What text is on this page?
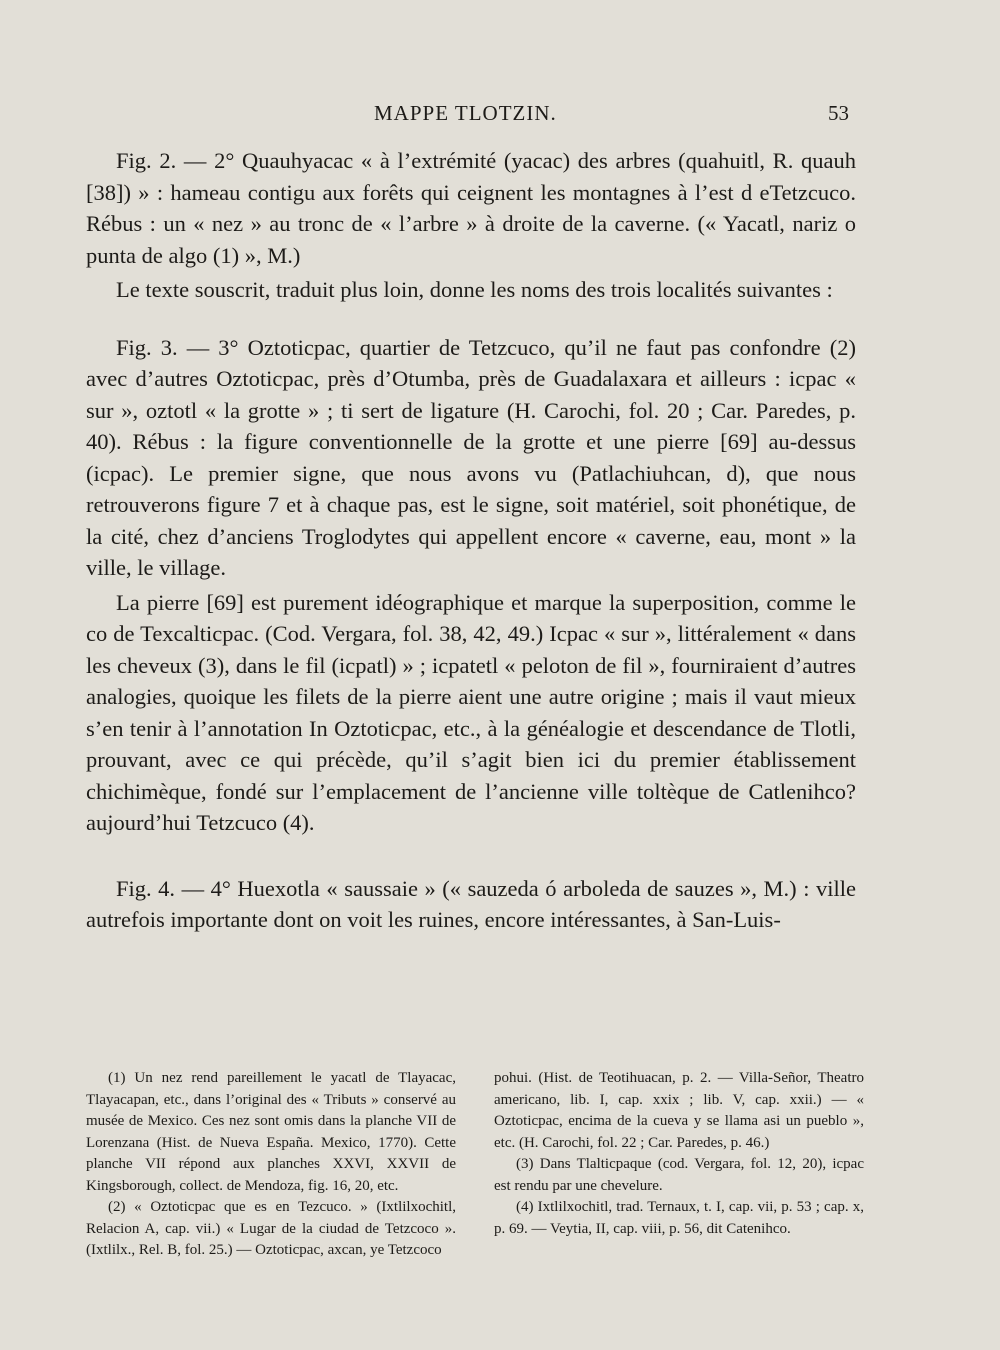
MAPPE TLOTZIN.	53

Fig. 2. — 2° Quauhyacac « à l’extrémité (yacac) des arbres (quahuitl, R. quauh [38]) » : hameau contigu aux forêts qui ceignent les montagnes à l’est d eTetzcuco. Rébus : un « nez » au tronc de « l’arbre » à droite de la caverne. (« Yacatl, nariz o punta de algo (1) », M.)

Le texte souscrit, traduit plus loin, donne les noms des trois localités suivantes :

Fig. 3. — 3° Oztoticpac, quartier de Tetzcuco, qu’il ne faut pas confondre (2) avec d’autres Oztoticpac, près d’Otumba, près de Guadalaxara et ailleurs : icpac « sur », oztotl « la grotte » ; ti sert de ligature (H. Carochi, fol. 20 ; Car. Paredes, p. 40). Rébus : la figure conventionnelle de la grotte et une pierre [69] au-dessus (icpac). Le premier signe, que nous avons vu (Patlachiuhcan, d), que nous retrouverons figure 7 et à chaque pas, est le signe, soit matériel, soit phonétique, de la cité, chez d’anciens Troglodytes qui appellent encore « caverne, eau, mont » la ville, le village.

La pierre [69] est purement idéographique et marque la superposition, comme le co de Texcalticpac. (Cod. Vergara, fol. 38, 42, 49.) Icpac « sur », littéralement « dans les cheveux (3), dans le fil (icpatl) » ; icpatetl « peloton de fil », fourniraient d’autres analogies, quoique les filets de la pierre aient une autre origine ; mais il vaut mieux s’en tenir à l’annotation In Oztoticpac, etc., à la généalogie et descendance de Tlotli, prouvant, avec ce qui précède, qu’il s’agit bien ici du premier établissement chichimèque, fondé sur l’emplacement de l’ancienne ville toltèque de Catlenihco? aujourd’hui Tetzcuco (4).

Fig. 4. — 4° Huexotla « saussaie » (« sauzeda ó arboleda de sauzes », M.) : ville autrefois importante dont on voit les ruines, encore intéressantes, à San-Luis-

(1) Un nez rend pareillement le yacatl de Tlayacac, Tlayacapan, etc., dans l’original des « Tributs » conservé au musée de Mexico. Ces nez sont omis dans la planche VII de Lorenzana (Hist. de Nueva España. Mexico, 1770). Cette planche VII répond aux planches XXVI, XXVII de Kingsborough, collect. de Mendoza, fig. 16, 20, etc.

(2) « Oztoticpac que es en Tezcuco. » (Ixtlilxochitl, Relacion A, cap. vii.) « Lugar de la ciudad de Tetzcoco ». (Ixtlilx., Rel. B, fol. 25.) — Oztoticpac, axcan, ye Tetzcoco

pohui. (Hist. de Teotihuacan, p. 2. — Villa-Señor, Theatro americano, lib. I, cap. xxix ; lib. V, cap. xxii.) — « Oztoticpac, encima de la cueva y se llama asi un pueblo », etc. (H. Carochi, fol. 22 ; Car. Paredes, p. 46.)

(3) Dans Tlalticpaque (cod. Vergara, fol. 12, 20), icpac est rendu par une chevelure.

(4) Ixtlilxochitl, trad. Ternaux, t. I, cap. vii, p. 53 ; cap. x, p. 69. — Veytia, II, cap. viii, p. 56, dit Catenihco.
